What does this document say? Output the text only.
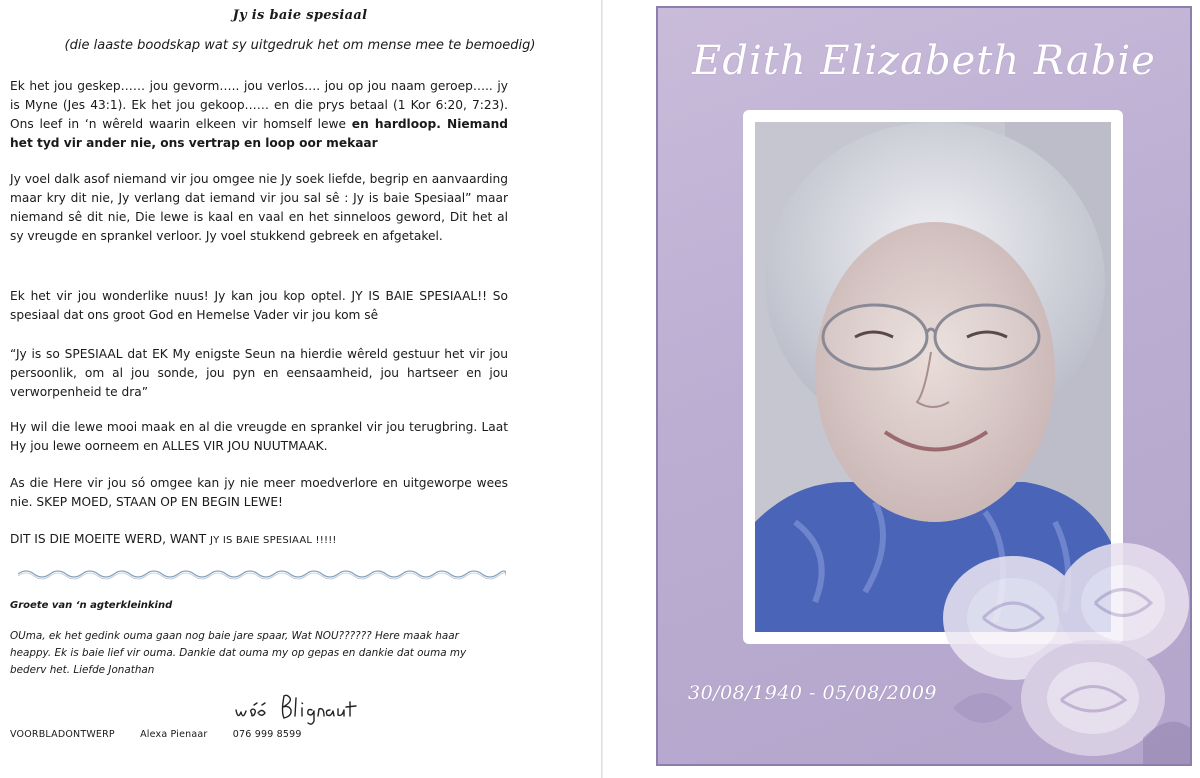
Jy is baie spesiaal
(die laaste boodskap wat sy uitgedruk het om mense mee te bemoedig)

Ek het jou geskep…… jou gevorm….. jou verlos…. jou op jou naam geroep….. jy is Myne (Jes 43:1). Ek het jou gekoop…… en die prys betaal (1 Kor 6:20, 7:23). Ons leef in ‘n wêreld waarin elkeen vir homself lewe en hardloop. Niemand het tyd vir ander nie, ons vertrap en loop oor mekaar

Jy voel dalk asof niemand vir jou omgee nie Jy soek liefde, begrip en aanvaarding maar kry dit nie, Jy verlang dat iemand vir jou sal sê : Jy is baie Spesiaal” maar niemand sê dit nie, Die lewe is kaal en vaal en het sinneloos geword, Dit het al sy vreugde en sprankel verloor. Jy voel stukkend gebreek en afgetakel.

Ek het vir jou wonderlike nuus! Jy kan jou kop optel. JY IS BAIE SPESIAAL!! So spesiaal dat ons groot God en Hemelse Vader vir jou kom sê

“Jy is so SPESIAAL dat EK My enigste Seun na hierdie wêreld gestuur het vir jou persoonlik, om al jou sonde, jou pyn en eensaamheid, jou hartseer en jou verworpenheid te dra”

Hy wil die lewe mooi maak en al die vreugde en sprankel vir jou terugbring. Laat Hy jou lewe oorneem en ALLES VIR JOU NUUTMAAK.

As die Here vir jou só omgee kan jy nie meer moedverlore en uitgeworpe wees nie. SKEP MOED, STAAN OP EN BEGIN LEWE!

DIT IS DIE MOEITE WERD, WANT JY IS BAIE SPESIAAL !!!!!

Groete van ‘n agterkleinkind
OUma, ek het gedink ouma gaan nog baie jare spaar, Wat NOU?????? Here maak haar heappy. Ek is baie lief vir ouma. Dankie dat ouma my op gepas en dankie dat ouma my bederv het. Liefde Jonathan
VOORBLADONTWERP	Alexa Pienaar	076 999 8599
Edith Elizabeth Rabie
30/08/1940 - 05/08/2009
